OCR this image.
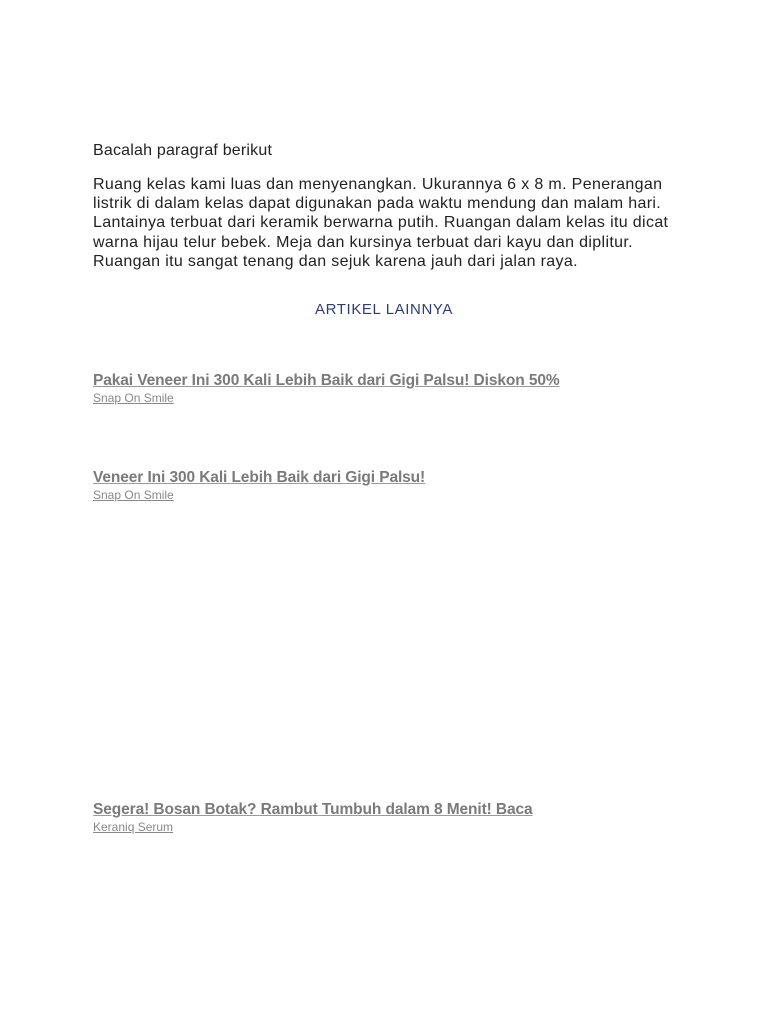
Bacalah paragraf berikut

Ruang kelas kami luas dan menyenangkan. Ukurannya 6 x 8 m. Penerangan listrik di dalam kelas dapat digunakan pada waktu mendung dan malam hari. Lantainya terbuat dari keramik berwarna putih. Ruangan dalam kelas itu dicat warna hijau telur bebek. Meja dan kursinya terbuat dari kayu dan diplitur. Ruangan itu sangat tenang dan sejuk karena jauh dari jalan raya.

ARTIKEL LAINNYA
Pakai Veneer Ini 300 Kali Lebih Baik dari Gigi Palsu! Diskon 50%
Snap On Smile
Veneer Ini 300 Kali Lebih Baik dari Gigi Palsu!
Snap On Smile
Segera! Bosan Botak? Rambut Tumbuh dalam 8 Menit! Baca
Keraniq Serum
